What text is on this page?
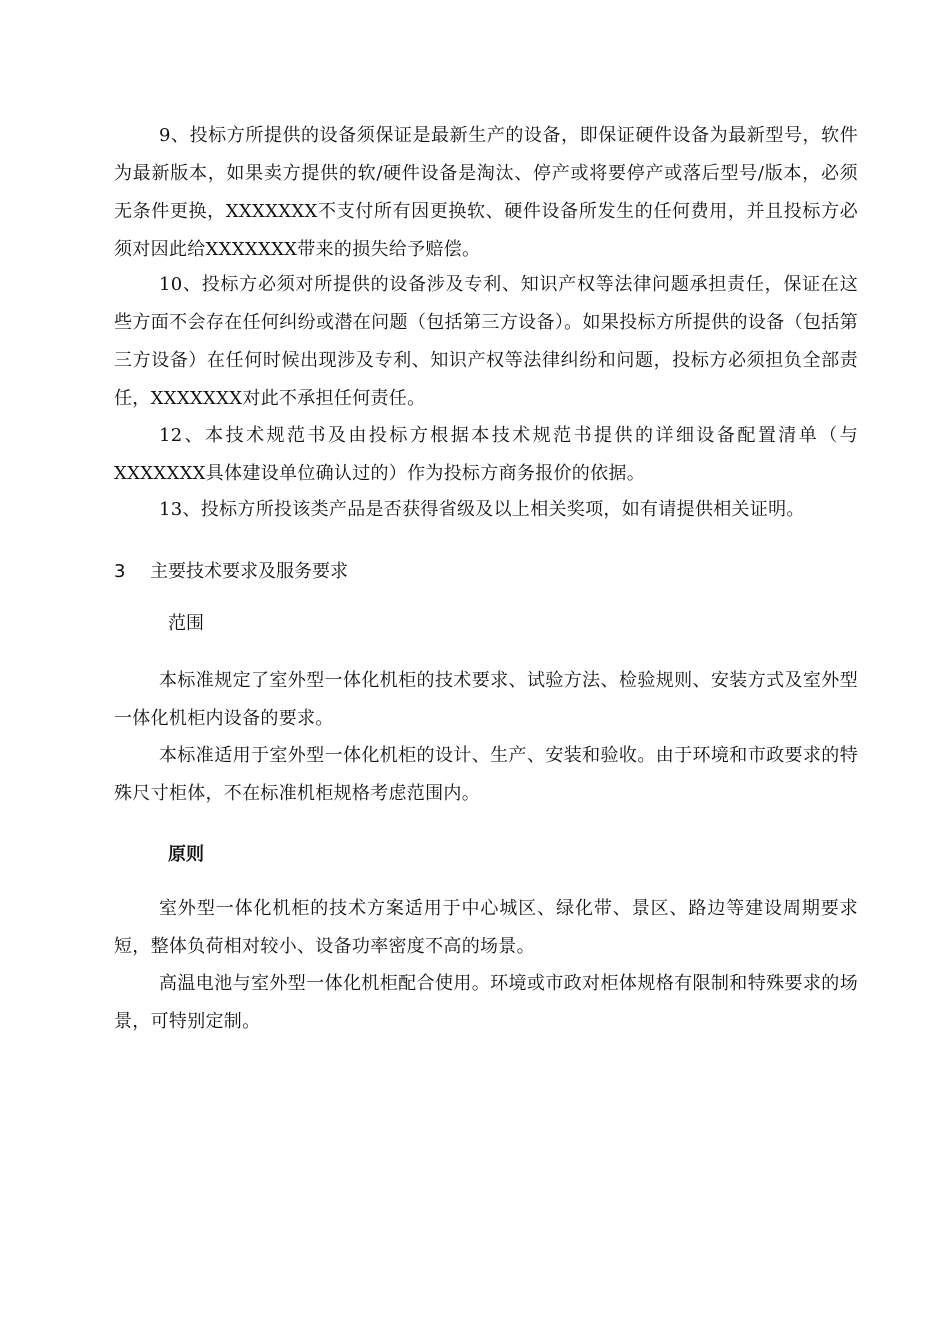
9、投标方所提供的设备须保证是最新生产的设备，即保证硬件设备为最新型号，软件为最新版本，如果卖方提供的软/硬件设备是淘汰、停产或将要停产或落后型号/版本，必须无条件更换，XXXXXXX不支付所有因更换软、硬件设备所发生的任何费用，并且投标方必须对因此给XXXXXXX带来的损失给予赔偿。

10、投标方必须对所提供的设备涉及专利、知识产权等法律问题承担责任，保证在这些方面不会存在任何纠纷或潜在问题（包括第三方设备）。如果投标方所提供的设备（包括第三方设备）在任何时候出现涉及专利、知识产权等法律纠纷和问题，投标方必须担负全部责任，XXXXXXX对此不承担任何责任。

12、本技术规范书及由投标方根据本技术规范书提供的详细设备配置清单（与 XXXXXXX具体建设单位确认过的）作为投标方商务报价的依据。

13、投标方所投该类产品是否获得省级及以上相关奖项，如有请提供相关证明。

3 主要技术要求及服务要求
范围

本标准规定了室外型一体化机柜的技术要求、试验方法、检验规则、安装方式及室外型一体化机柜内设备的要求。

本标准适用于室外型一体化机柜的设计、生产、安装和验收。由于环境和市政要求的特殊尺寸柜体，不在标准机柜规格考虑范围内。

原则

室外型一体化机柜的技术方案适用于中心城区、绿化带、景区、路边等建设周期要求短，整体负荷相对较小、设备功率密度不高的场景。

高温电池与室外型一体化机柜配合使用。环境或市政对柜体规格有限制和特殊要求的场景，可特别定制。
